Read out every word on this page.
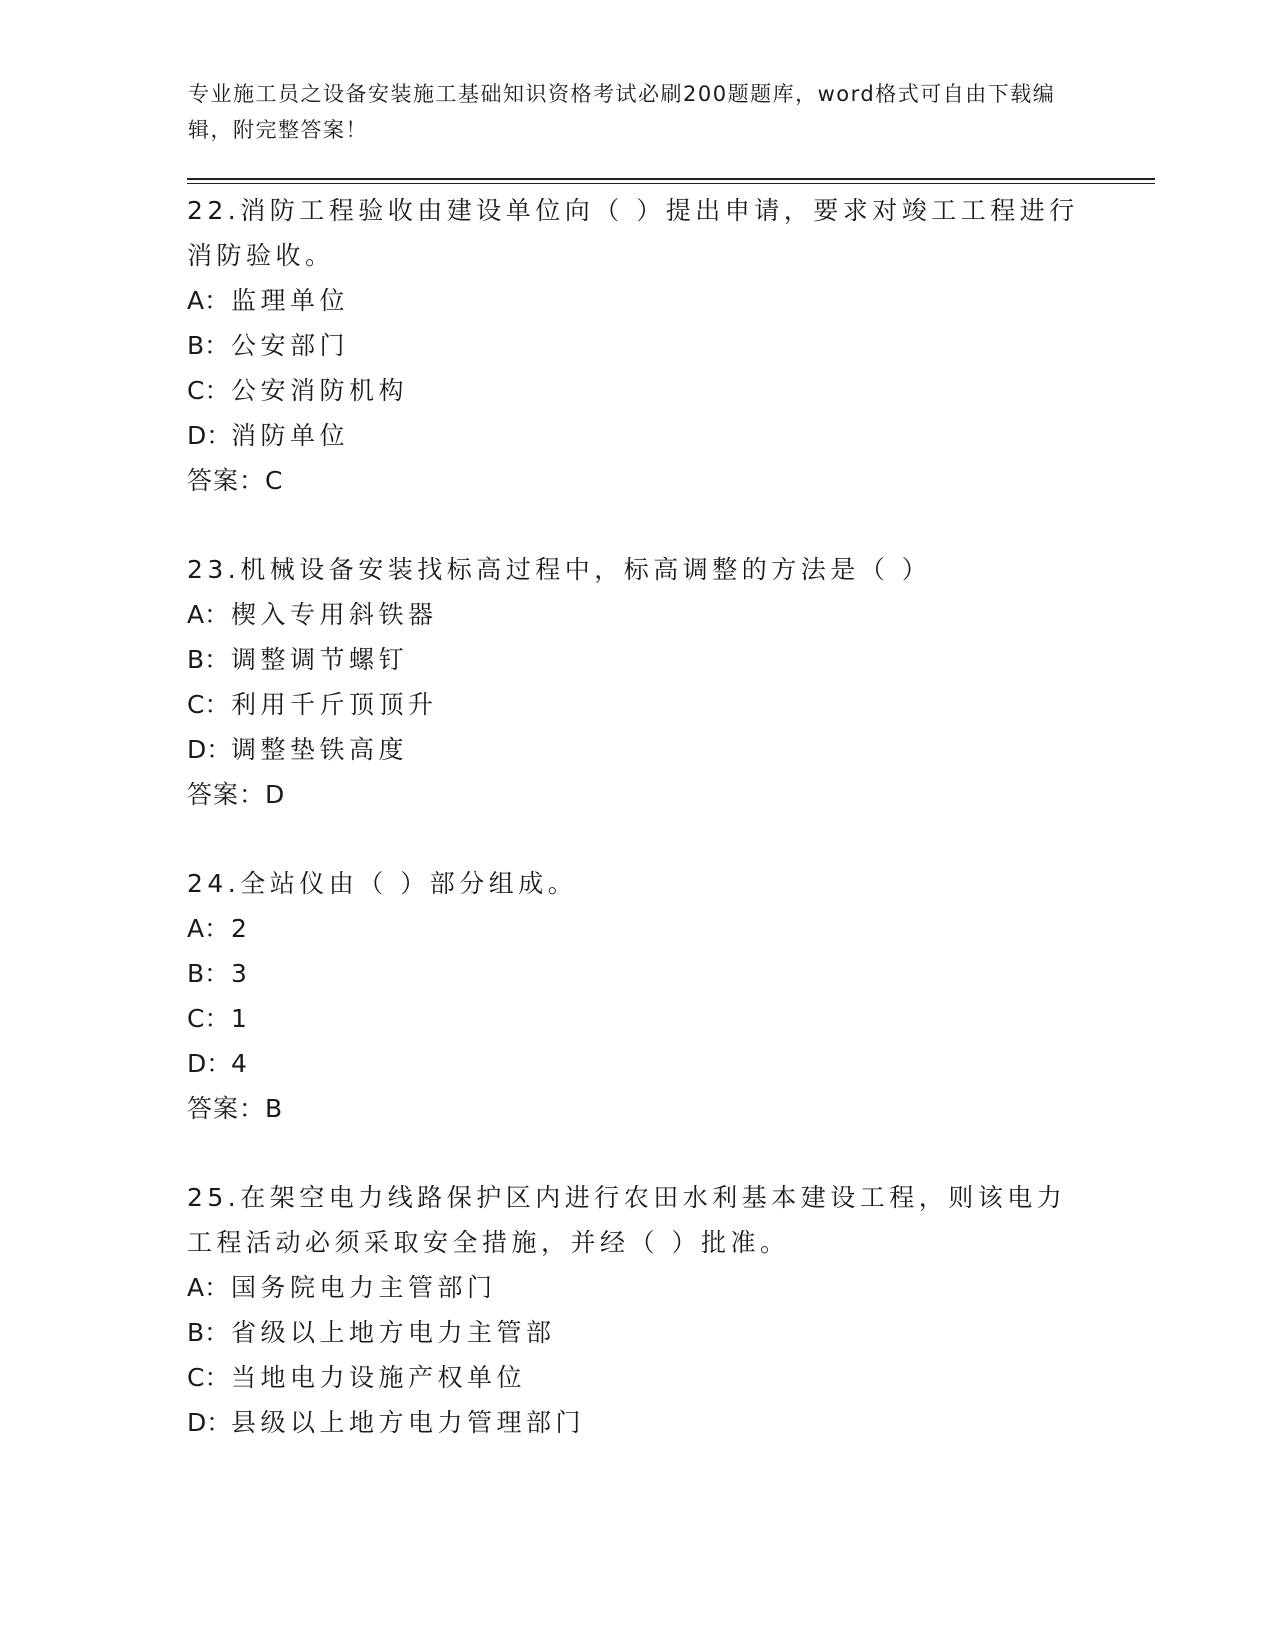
专业施工员之设备安装施工基础知识资格考试必刷200题题库，word格式可自由下载编辑，附完整答案！
22.消防工程验收由建设单位向（ ）提出申请，要求对竣工工程进行消防验收。
A：监理单位
B：公安部门
C：公安消防机构
D：消防单位
答案：C
23.机械设备安装找标高过程中，标高调整的方法是（ ）
A：楔入专用斜铁器
B：调整调节螺钉
C：利用千斤顶顶升
D：调整垫铁高度
答案：D
24.全站仪由（ ）部分组成。
A：2
B：3
C：1
D：4
答案：B
25.在架空电力线路保护区内进行农田水利基本建设工程，则该电力工程活动必须采取安全措施，并经（ ）批准。
A：国务院电力主管部门
B：省级以上地方电力主管部
C：当地电力设施产权单位
D：县级以上地方电力管理部门
